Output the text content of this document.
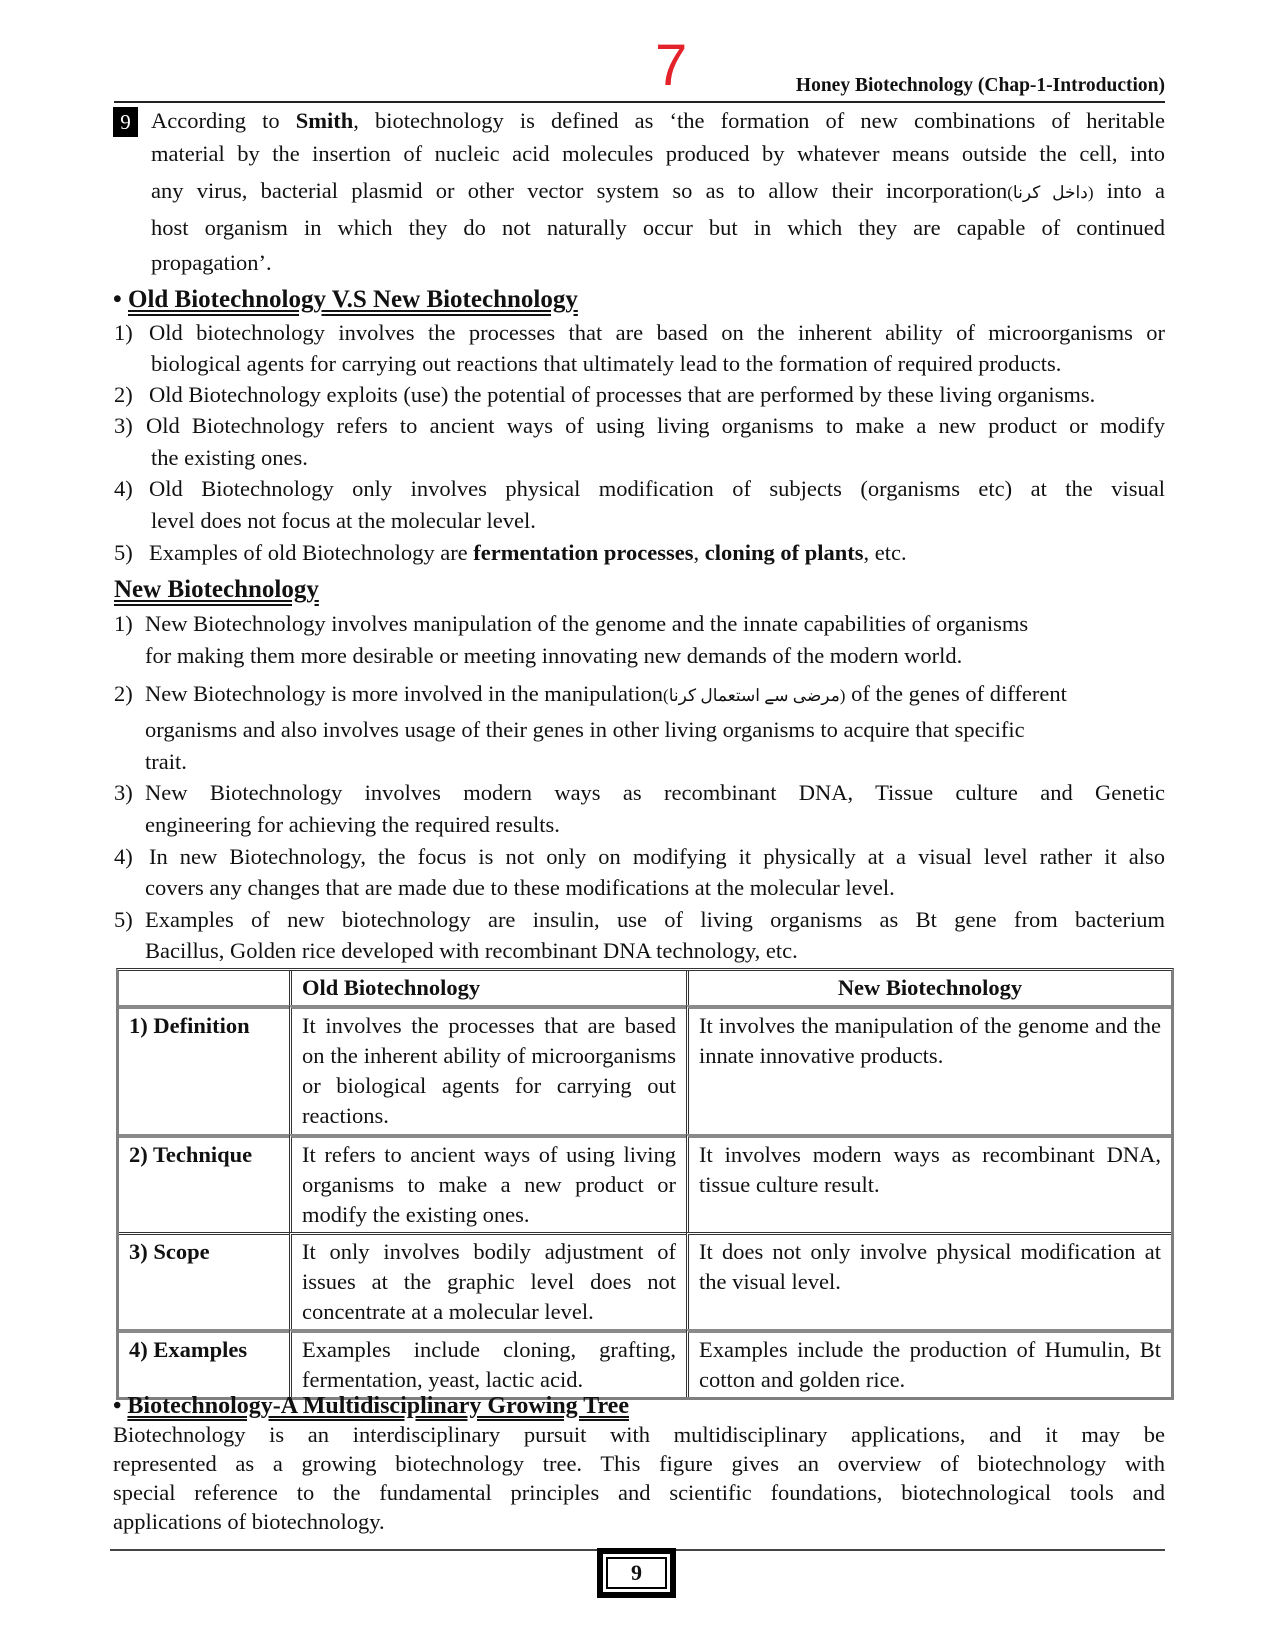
7	Honey Biotechnology (Chap-1-Introduction)
9 According to Smith, biotechnology is defined as ‘the formation of new combinations of heritable
material by the insertion of nucleic acid molecules produced by whatever means outside the cell, into
any virus, bacterial plasmid or other vector system so as to allow their incorporation(داخل کرنا) into a
host organism in which they do not naturally occur but in which they are capable of continued
propagation’.
• Old Biotechnology V.S New Biotechnology
1) Old biotechnology involves the processes that are based on the inherent ability of microorganisms or
biological agents for carrying out reactions that ultimately lead to the formation of required products.
2) Old Biotechnology exploits (use) the potential of processes that are performed by these living organisms.
3) Old Biotechnology refers to ancient ways of using living organisms to make a new product or modify
the existing ones.
4) Old Biotechnology only involves physical modification of subjects (organisms etc) at the visual
level does not focus at the molecular level.
5) Examples of old Biotechnology are fermentation processes, cloning of plants, etc.
New Biotechnology
1) New Biotechnology involves manipulation of the genome and the innate capabilities of organisms
for making them more desirable or meeting innovating new demands of the modern world.
2) New Biotechnology is more involved in the manipulation(مرضی سے استعمال کرنا) of the genes of different
organisms and also involves usage of their genes in other living organisms to acquire that specific
trait.
3) New Biotechnology involves modern ways as recombinant DNA, Tissue culture and Genetic
engineering for achieving the required results.
4) In new Biotechnology, the focus is not only on modifying it physically at a visual level rather it also
covers any changes that are made due to these modifications at the molecular level.
5) Examples of new biotechnology are insulin, use of living organisms as Bt gene from bacterium
Bacillus, Golden rice developed with recombinant DNA technology, etc.
	Old Biotechnology	New Biotechnology
1) Definition	It involves the processes that are based on the inherent ability of microorganisms or biological agents for carrying out reactions.	It involves the manipulation of the genome and the innate innovative products.
2) Technique	It refers to ancient ways of using living organisms to make a new product or modify the existing ones.	It involves modern ways as recombinant DNA, tissue culture result.
3) Scope	It only involves bodily adjustment of issues at the graphic level does not concentrate at a molecular level.	It does not only involve physical modification at the visual level.
4) Examples	Examples include cloning, grafting, fermentation, yeast, lactic acid.	Examples include the production of Humulin, Bt cotton and golden rice.
• Biotechnology-A Multidisciplinary Growing Tree
Biotechnology is an interdisciplinary pursuit with multidisciplinary applications, and it may be
represented as a growing biotechnology tree. This figure gives an overview of biotechnology with
special reference to the fundamental principles and scientific foundations, biotechnological tools and
applications of biotechnology.
9
